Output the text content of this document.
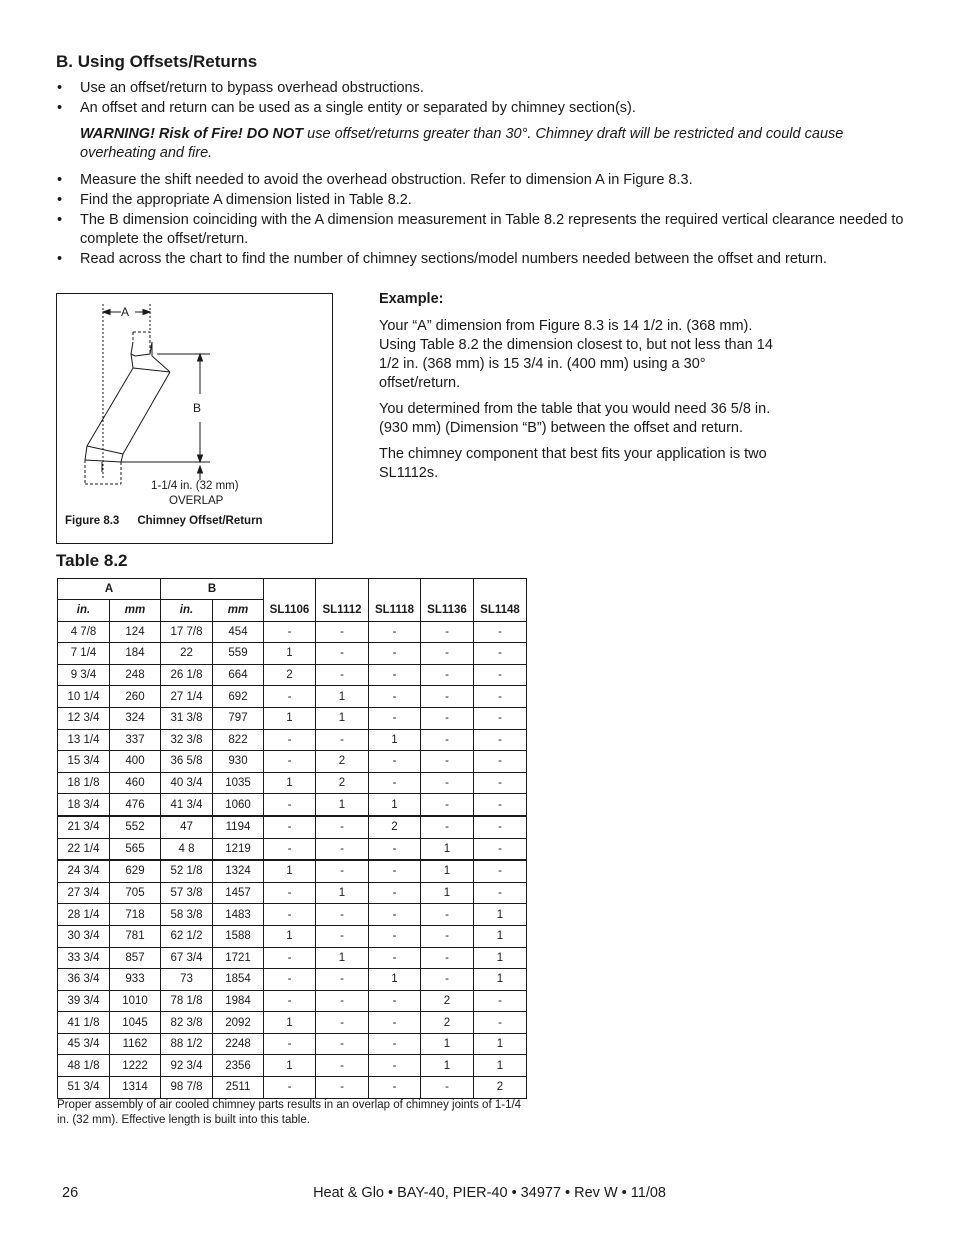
B. Using Offsets/Returns
• Use an offset/return to bypass overhead obstructions.
• An offset and return can be used as a single entity or separated by chimney section(s).

WARNING! Risk of Fire! DO NOT use offset/returns greater than 30°. Chimney draft will be restricted and could cause overheating and fire.

• Measure the shift needed to avoid the overhead obstruction. Refer to dimension A in Figure 8.3.
• Find the appropriate A dimension listed in Table 8.2.
• The B dimension coinciding with the A dimension measurement in Table 8.2 represents the required vertical clearance needed to complete the offset/return.
• Read across the chart to find the number of chimney sections/model numbers needed between the offset and return.
A
B
1-1/4 in. (32 mm)
OVERLAP
Figure 8.3 Chimney Offset/Return

Example:

Your “A” dimension from Figure 8.3 is 14 1/2 in. (368 mm). Using Table 8.2 the dimension closest to, but not less than 14 1/2 in. (368 mm) is 15 3/4 in. (400 mm) using a 30° offset/return.

You determined from the table that you would need 36 5/8 in. (930 mm) (Dimension “B”) between the offset and return.

The chimney component that best fits your application is two SL1112s.

Table 8.2
A		B		SL1106	SL1112	SL1118	SL1136	SL1148
in.	mm	in.	mm					
4 7/8	124	17 7/8	454	-	-	-	-	-
7 1/4	184	22	559	1	-	-	-	-
9 3/4	248	26 1/8	664	2	-	-	-	-
10 1/4	260	27 1/4	692	-	1	-	-	-
12 3/4	324	31 3/8	797	1	1	-	-	-
13 1/4	337	32 3/8	822	-	-	1	-	-
15 3/4	400	36 5/8	930	-	2	-	-	-
18 1/8	460	40 3/4	1035	1	2	-	-	-
18 3/4	476	41 3/4	1060	-	1	1	-	-
21 3/4	552	47	1194	-	-	2	-	-
22 1/4	565	4 8	1219	-	-	-	1	-
24 3/4	629	52 1/8	1324	1	-	-	1	-
27 3/4	705	57 3/8	1457	-	1	-	1	-
28 1/4	718	58 3/8	1483	-	-	-	-	1
30 3/4	781	62 1/2	1588	1	-	-	-	1
33 3/4	857	67 3/4	1721	-	1	-	-	1
36 3/4	933	73	1854	-	-	1	-	1
39 3/4	1010	78 1/8	1984	-	-	-	2	-
41 1/8	1045	82 3/8	2092	1	-	-	2	-
45 3/4	1162	88 1/2	2248	-	-	-	1	1
48 1/8	1222	92 3/4	2356	1	-	-	1	1
51 3/4	1314	98 7/8	2511	-	-	-	-	2

Proper assembly of air cooled chimney parts results in an overlap of chimney joints of 1-1/4 in. (32 mm). Effective length is built into this table.

26	Heat & Glo • BAY-40, PIER-40 • 34977 • Rev W • 11/08
